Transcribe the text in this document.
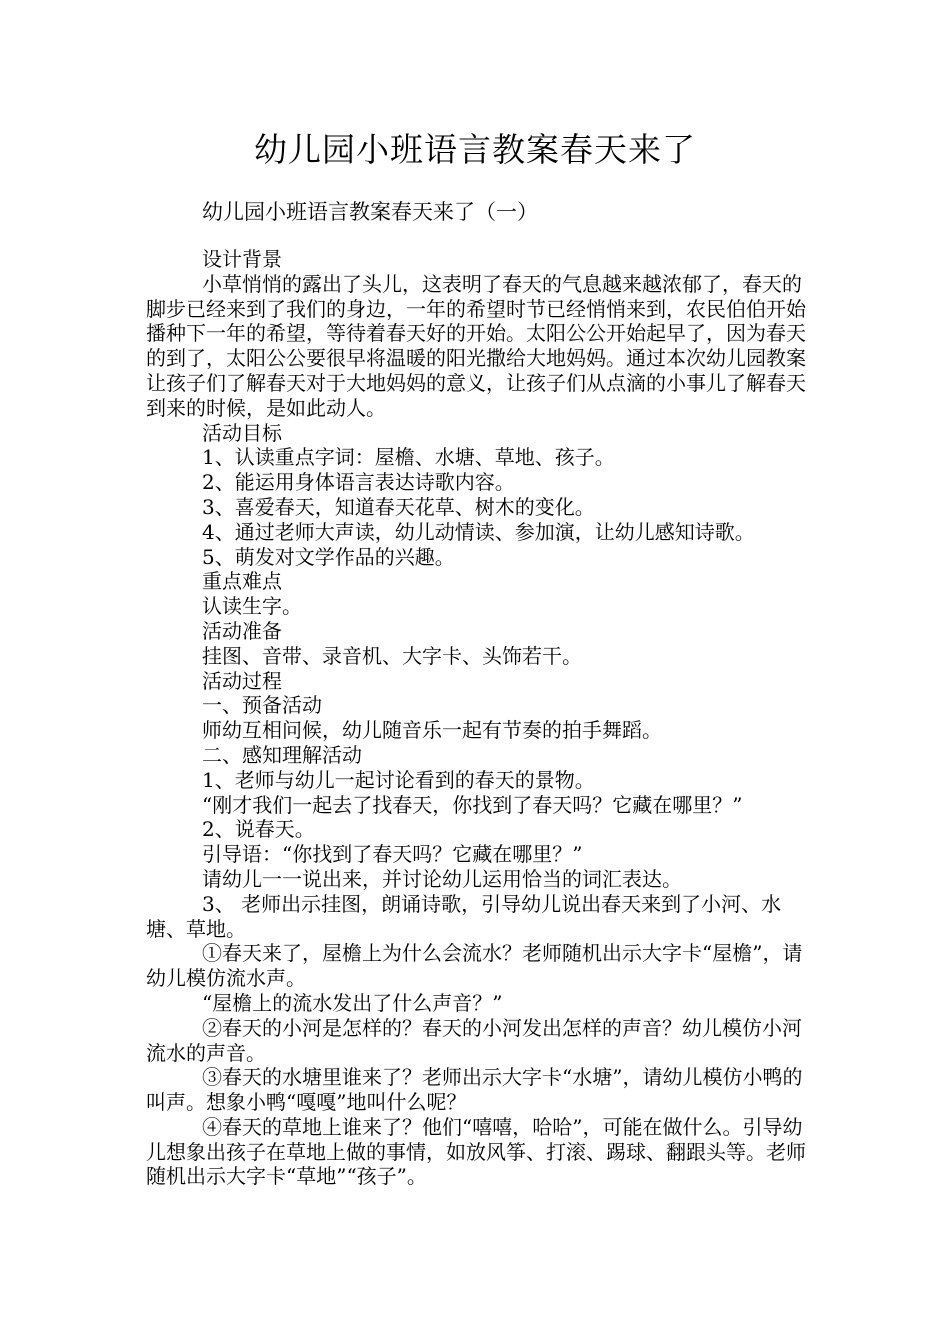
幼儿园小班语言教案春天来了
幼儿园小班语言教案春天来了（一）

设计背景

小草悄悄的露出了头儿，这表明了春天的气息越来越浓郁了，春天的脚步已经来到了我们的身边，一年的希望时节已经悄悄来到，农民伯伯开始播种下一年的希望，等待着春天好的开始。太阳公公开始起早了，因为春天的到了，太阳公公要很早将温暖的阳光撒给大地妈妈。通过本次幼儿园教案让孩子们了解春天对于大地妈妈的意义，让孩子们从点滴的小事儿了解春天到来的时候，是如此动人。

活动目标

1、认读重点字词：屋檐、水塘、草地、孩子。

2、能运用身体语言表达诗歌内容。

3、喜爱春天，知道春天花草、树木的变化。

4、通过老师大声读，幼儿动情读、参加演，让幼儿感知诗歌。

5、萌发对文学作品的兴趣。

重点难点

认读生字。

活动准备

挂图、音带、录音机、大字卡、头饰若干。

活动过程

一、预备活动

师幼互相问候，幼儿随音乐一起有节奏的拍手舞蹈。

二、感知理解活动

1、老师与幼儿一起讨论看到的春天的景物。

“刚才我们一起去了找春天，你找到了春天吗？它藏在哪里？”

2、说春天。

引导语：“你找到了春天吗？它藏在哪里？”

请幼儿一一说出来，并讨论幼儿运用恰当的词汇表达。

3、 老师出示挂图，朗诵诗歌，引导幼儿说出春天来到了小河、水塘、草地。

①春天来了，屋檐上为什么会流水？老师随机出示大字卡“屋檐”，请幼儿模仿流水声。

“屋檐上的流水发出了什么声音？”

②春天的小河是怎样的？春天的小河发出怎样的声音？幼儿模仿小河流水的声音。

③春天的水塘里谁来了？老师出示大字卡“水塘”，请幼儿模仿小鸭的叫声。想象小鸭“嘎嘎”地叫什么呢？

④春天的草地上谁来了？他们“嘻嘻，哈哈”，可能在做什么。引导幼儿想象出孩子在草地上做的事情，如放风筝、打滚、踢球、翻跟头等。老师随机出示大字卡“草地”“孩子”。
